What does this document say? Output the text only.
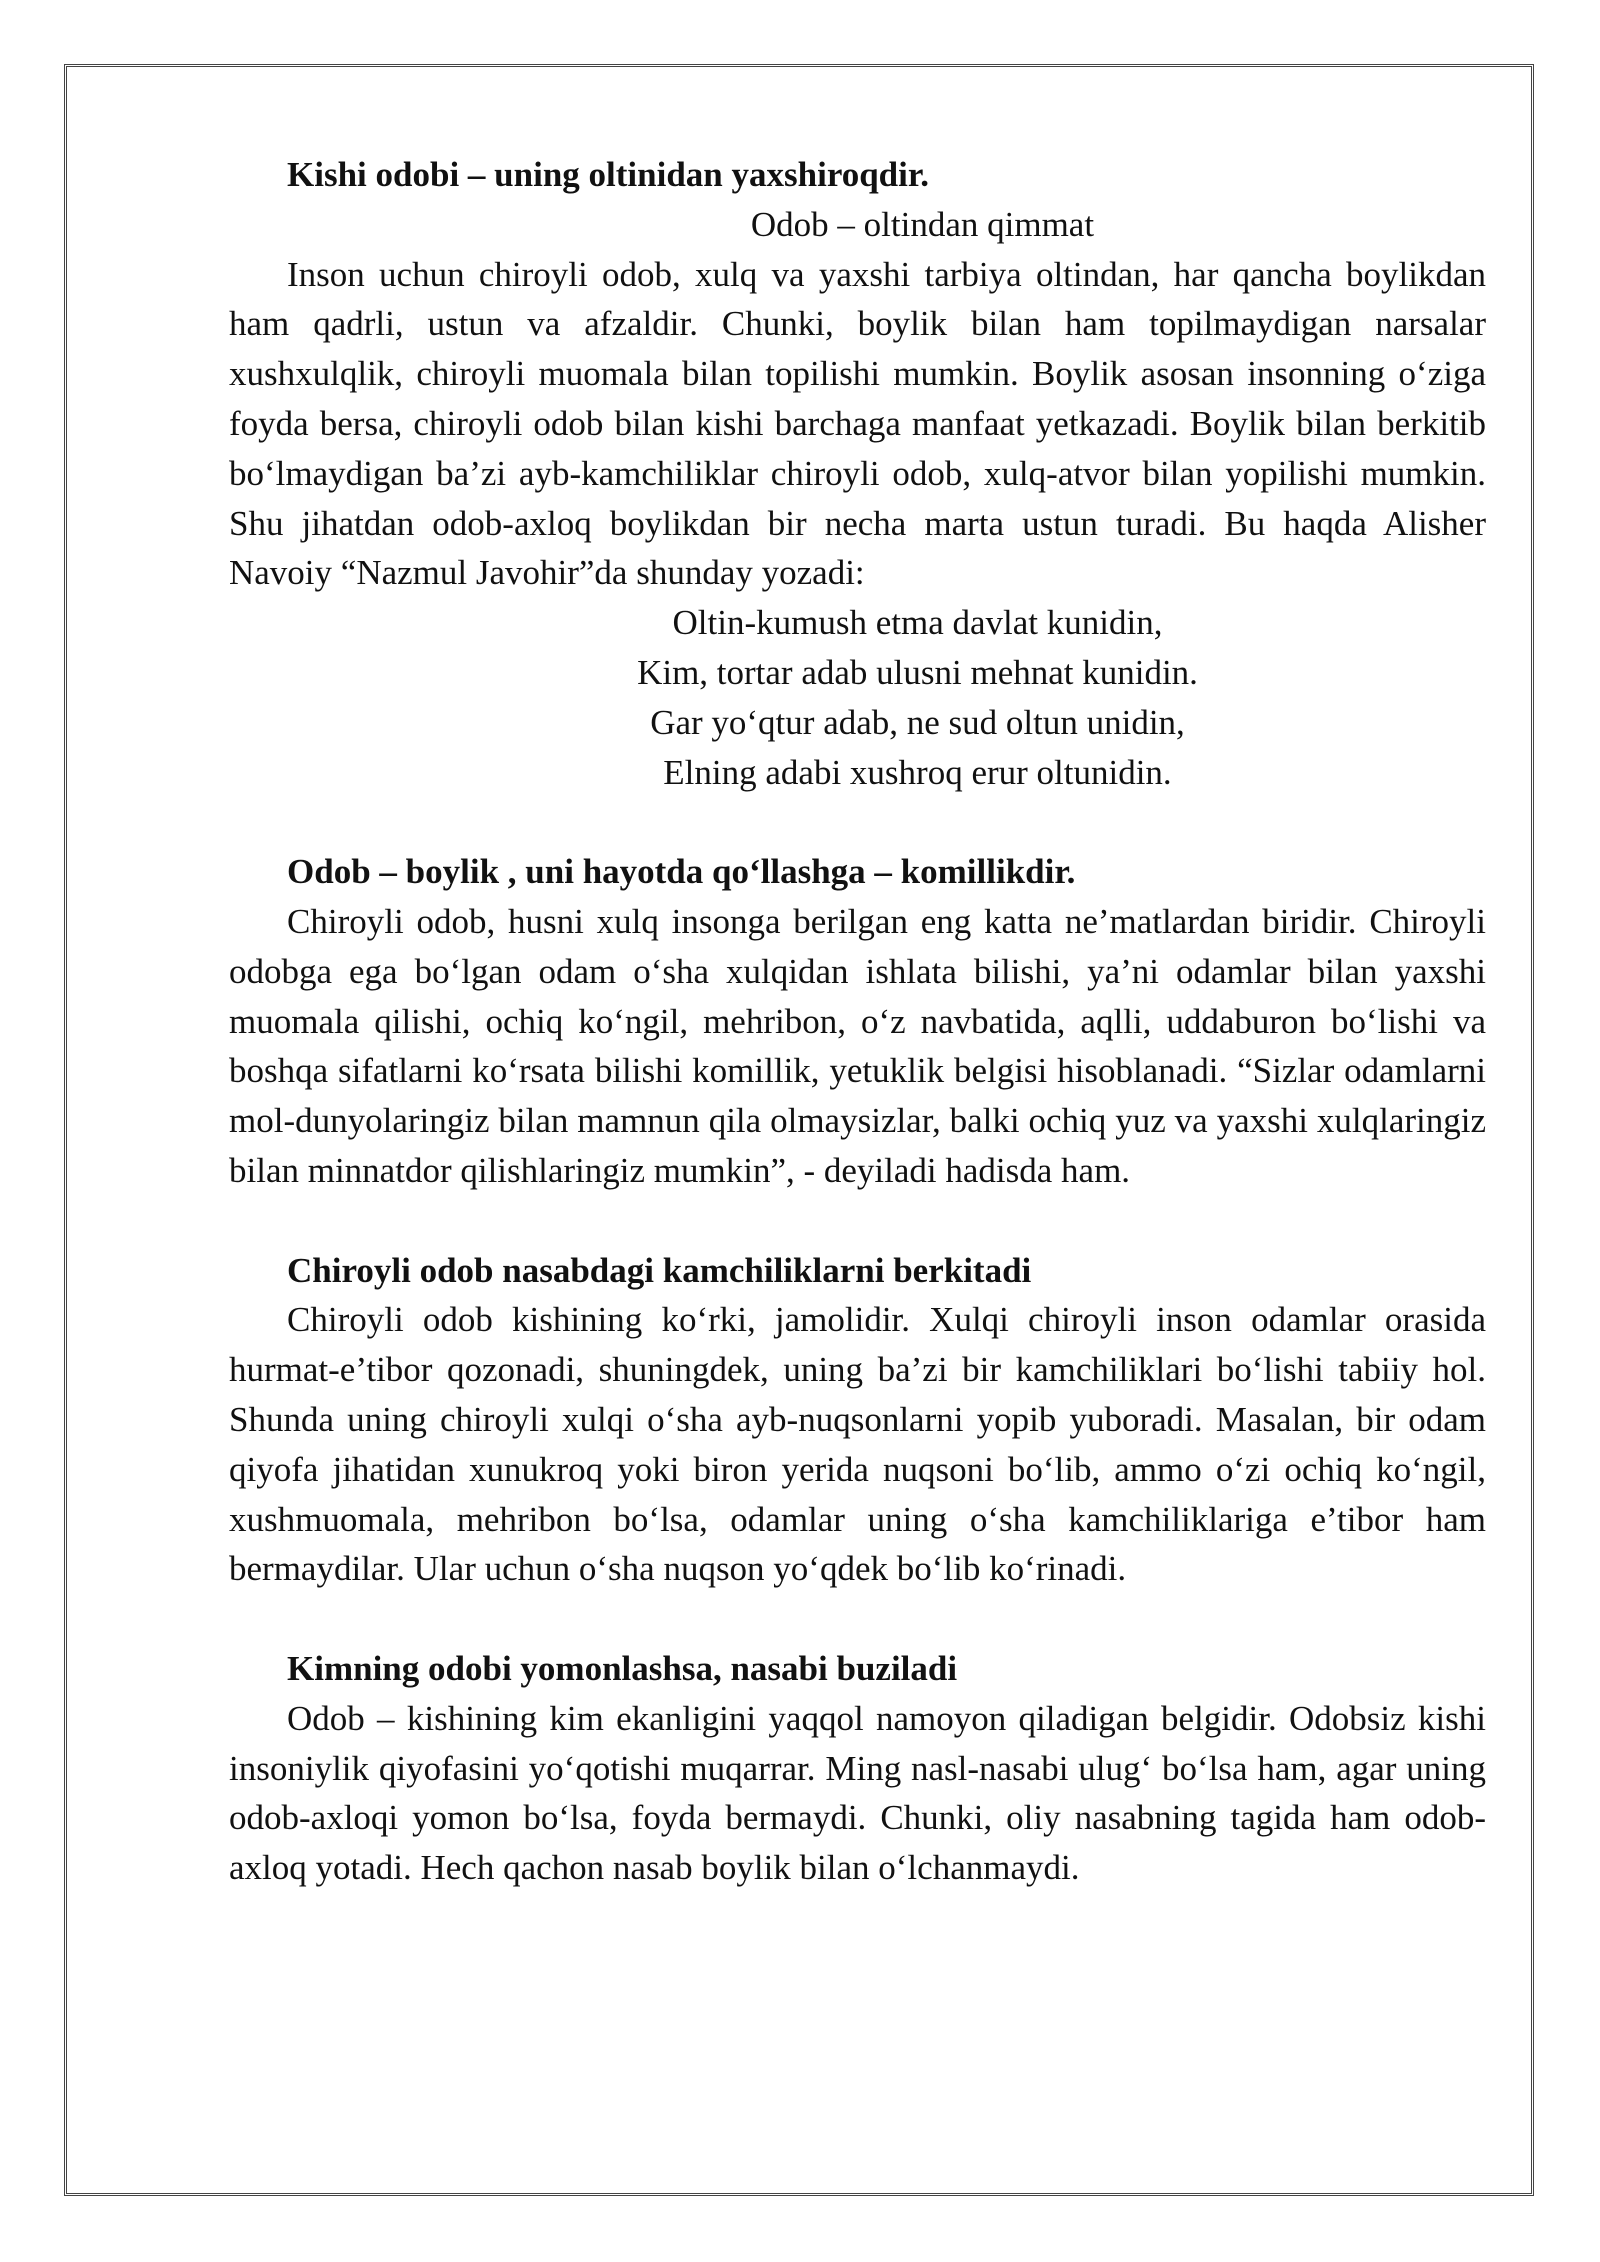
Kishi odobi – uning oltinidan yaxshiroqdir.

Odob – oltindan qimmat

Inson uchun chiroyli odob, xulq va yaxshi tarbiya oltindan, har qancha boylikdan ham qadrli, ustun va afzaldir. Chunki, boylik bilan ham topilmaydigan narsalar xushxulqlik, chiroyli muomala bilan topilishi mumkin. Boylik asosan insonning o‘ziga foyda bersa, chiroyli odob bilan kishi barchaga manfaat yetkazadi. Boylik bilan berkitib bo‘lmaydigan ba’zi ayb-kamchiliklar chiroyli odob, xulq-atvor bilan yopilishi mumkin. Shu jihatdan odob-axloq boylikdan bir necha marta ustun turadi. Bu haqda Alisher Navoiy “Nazmul Javohir”da shunday yozadi:

Oltin-kumush etma davlat kunidin,
Kim, tortar adab ulusni mehnat kunidin.
Gar yo‘qtur adab, ne sud oltun unidin,
Elning adabi xushroq erur oltunidin.

Odob – boylik , uni hayotda qo‘llashga – komillikdir.

Chiroyli odob, husni xulq insonga berilgan eng katta ne’matlardan biridir. Chiroyli odobga ega bo‘lgan odam o‘sha xulqidan ishlata bilishi, ya’ni odamlar bilan yaxshi muomala qilishi, ochiq ko‘ngil, mehribon, o‘z navbatida, aqlli, uddaburon bo‘lishi va boshqa sifatlarni ko‘rsata bilishi komillik, yetuklik belgisi hisoblanadi. “Sizlar odamlarni mol-dunyolaringiz bilan mamnun qila olmaysizlar, balki ochiq yuz va yaxshi xulqlaringiz bilan minnatdor qilishlaringiz mumkin”, - deyiladi hadisda ham.

Chiroyli odob nasabdagi kamchiliklarni berkitadi

Chiroyli odob kishining ko‘rki, jamolidir. Xulqi chiroyli inson odamlar orasida hurmat-e’tibor qozonadi, shuningdek, uning ba’zi bir kamchiliklari bo‘lishi tabiiy hol. Shunda uning chiroyli xulqi o‘sha ayb-nuqsonlarni yopib yuboradi. Masalan, bir odam qiyofa jihatidan xunukroq yoki biron yerida nuqsoni bo‘lib, ammo o‘zi ochiq ko‘ngil, xushmuomala, mehribon bo‘lsa, odamlar uning o‘sha kamchiliklariga e’tibor ham bermaydilar. Ular uchun o‘sha nuqson yo‘qdek bo‘lib ko‘rinadi.

Kimning odobi yomonlashsa, nasabi buziladi

Odob – kishining kim ekanligini yaqqol namoyon qiladigan belgidir. Odobsiz kishi insoniylik qiyofasini yo‘qotishi muqarrar. Ming nasl-nasabi ulug‘ bo‘lsa ham, agar uning odob-axloqi yomon bo‘lsa, foyda bermaydi. Chunki, oliy nasabning tagida ham odob-axloq yotadi. Hech qachon nasab boylik bilan o‘lchanmaydi.
